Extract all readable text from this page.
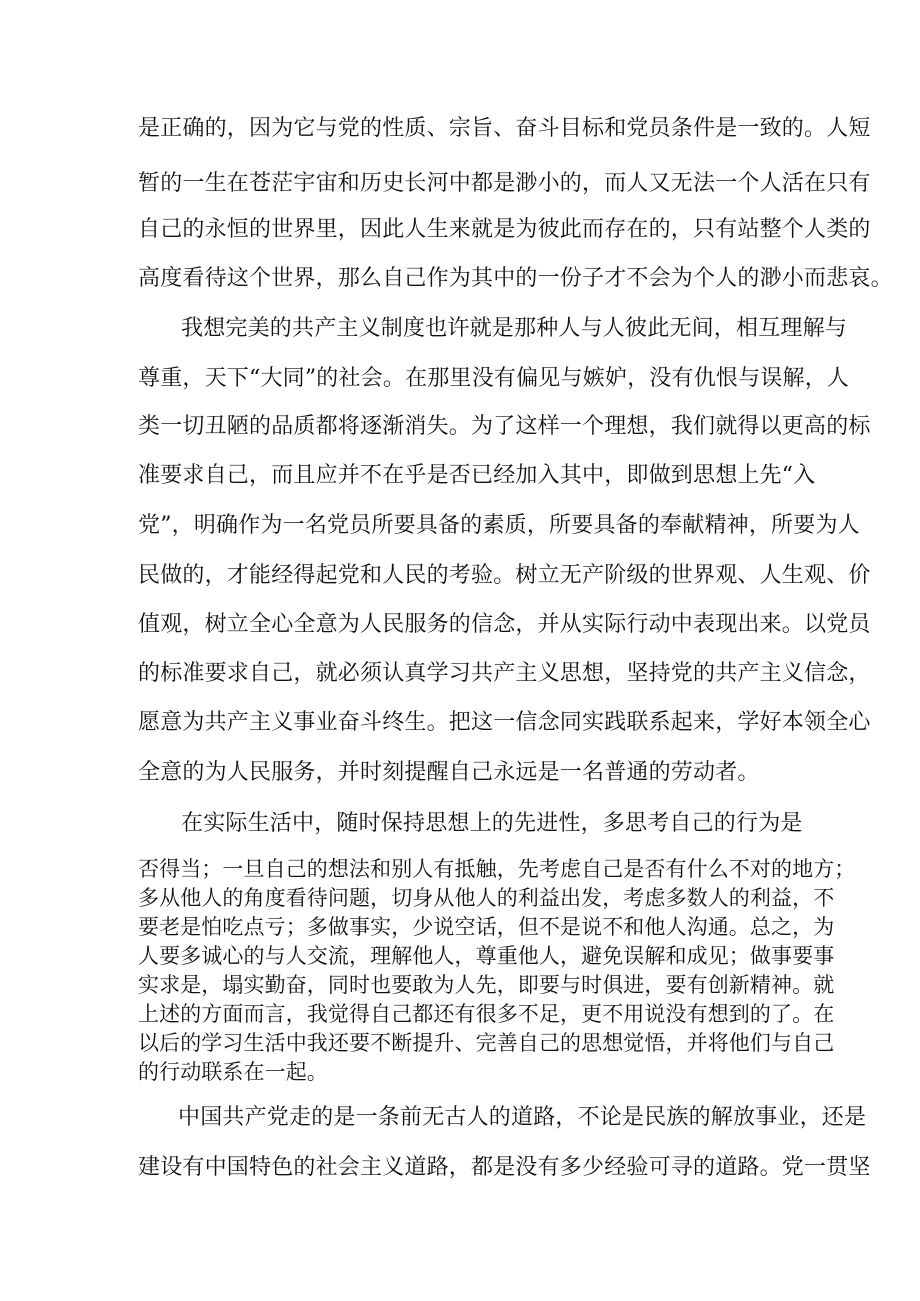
是正确的，因为它与党的性质、宗旨、奋斗目标和党员条件是一致的。人短
暂的一生在苍茫宇宙和历史长河中都是渺小的，而人又无法一个人活在只有
自己的永恒的世界里，因此人生来就是为彼此而存在的，只有站整个人类的
高度看待这个世界，那么自己作为其中的一份子才不会为个人的渺小而悲哀。
我想完美的共产主义制度也许就是那种人与人彼此无间，相互理解与
尊重，天下“大同”的社会。在那里没有偏见与嫉妒，没有仇恨与误解，人
类一切丑陋的品质都将逐渐消失。为了这样一个理想，我们就得以更高的标
准要求自己，而且应并不在乎是否已经加入其中，即做到思想上先“入
党”，明确作为一名党员所要具备的素质，所要具备的奉献精神，所要为人
民做的，才能经得起党和人民的考验。树立无产阶级的世界观、人生观、价
值观，树立全心全意为人民服务的信念，并从实际行动中表现出来。以党员
的标准要求自己，就必须认真学习共产主义思想，坚持党的共产主义信念，
愿意为共产主义事业奋斗终生。把这一信念同实践联系起来，学好本领全心
全意的为人民服务，并时刻提醒自己永远是一名普通的劳动者。
在实际生活中，随时保持思想上的先进性，多思考自己的行为是
否得当；一旦自己的想法和别人有抵触，先考虑自己是否有什么不对的地方；
多从他人的角度看待问题，切身从他人的利益出发，考虑多数人的利益，不
要老是怕吃点亏；多做事实，少说空话，但不是说不和他人沟通。总之，为
人要多诚心的与人交流，理解他人，尊重他人，避免误解和成见；做事要事
实求是，塌实勤奋，同时也要敢为人先，即要与时俱进，要有创新精神。就
上述的方面而言，我觉得自己都还有很多不足，更不用说没有想到的了。在
以后的学习生活中我还要不断提升、完善自己的思想觉悟，并将他们与自己
的行动联系在一起。
中国共产党走的是一条前无古人的道路，不论是民族的解放事业，还是
建设有中国特色的社会主义道路，都是没有多少经验可寻的道路。党一贯坚
